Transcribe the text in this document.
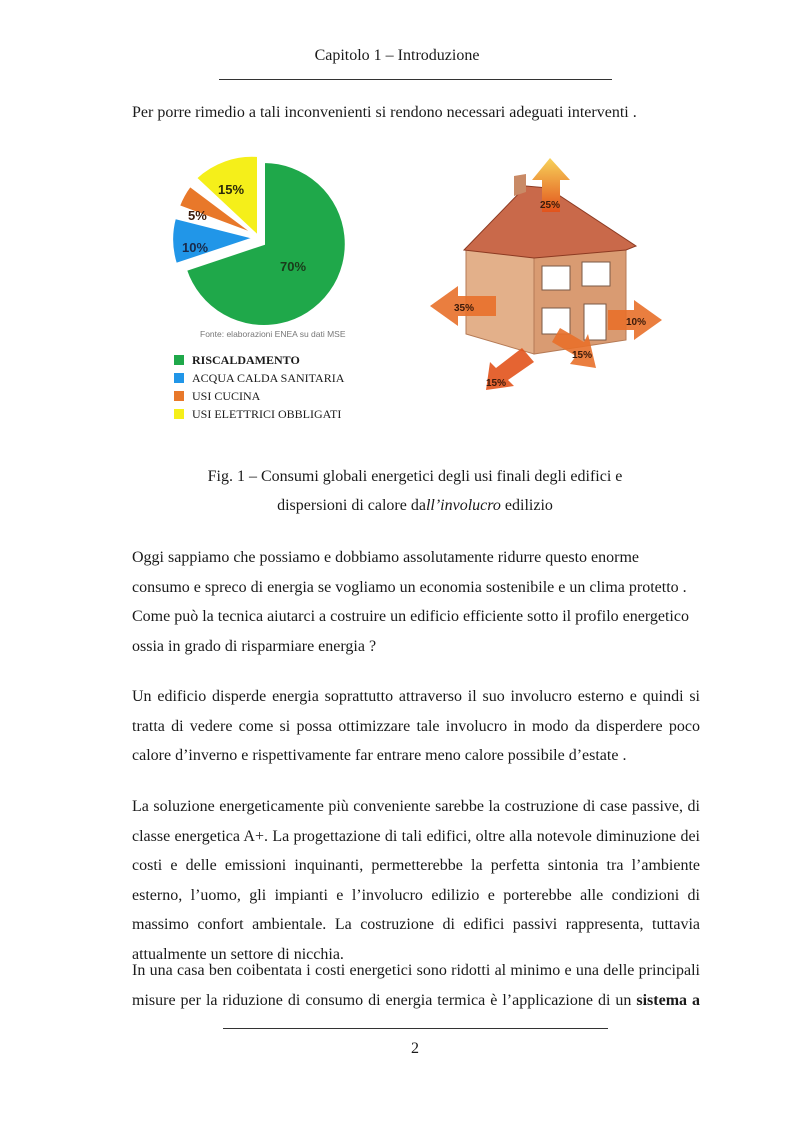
Capitolo 1 – Introduzione
Per porre rimedio a tali inconvenienti si rendono necessari adeguati interventi .
70%
10%
5%
15%
Fonte: elaborazioni ENEA su dati MSE
RISCALDAMENTO
ACQUA CALDA SANITARIA
USI CUCINA
USI ELETTRICI OBBLIGATI
25%
35%
10%
15%
15%
Fig. 1 – Consumi globali energetici degli usi finali degli edifici e
dispersioni di calore dall’involucro edilizio
Oggi sappiamo che possiamo e dobbiamo assolutamente ridurre questo enorme
consumo e spreco di energia se vogliamo un economia sostenibile e un clima protetto .
Come può la tecnica aiutarci a costruire un edificio efficiente sotto il profilo energetico
ossia in grado di risparmiare energia ?
Un edificio disperde energia soprattutto attraverso il suo involucro esterno e quindi si
tratta di vedere come si possa ottimizzare tale involucro in modo da disperdere poco
calore d’inverno e rispettivamente far entrare meno calore possibile d’estate .
La soluzione energeticamente più conveniente sarebbe la costruzione di case passive, di
classe energetica A+. La progettazione di tali edifici, oltre alla notevole diminuzione dei
costi e delle emissioni inquinanti, permetterebbe la perfetta sintonia tra l’ambiente
esterno, l’uomo, gli impianti e l’involucro edilizio e porterebbe alle condizioni di
massimo confort ambientale. La costruzione di edifici passivi rappresenta, tuttavia
attualmente un settore di nicchia.
In una casa ben coibentata i costi energetici sono ridotti al minimo e una delle principali
misure per la riduzione di consumo di energia termica è l’applicazione di un sistema a
2
